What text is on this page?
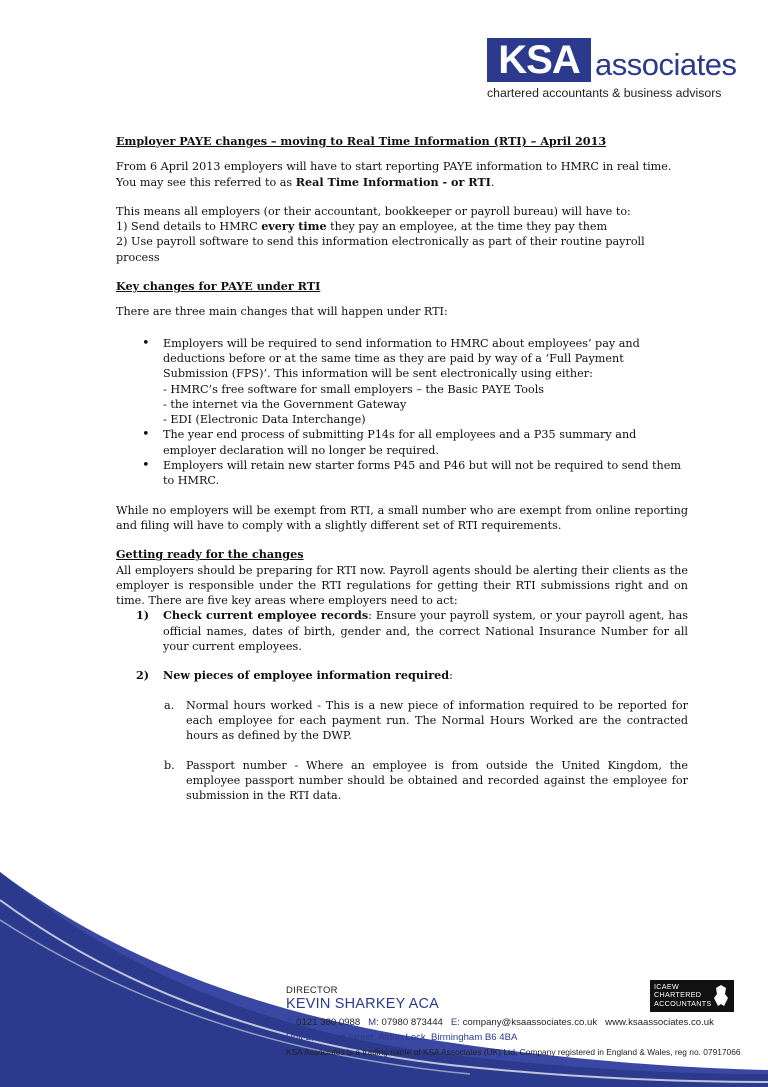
KSA associates
chartered accountants & business advisors

Employer PAYE changes – moving to Real Time Information (RTI) – April 2013

From 6 April 2013 employers will have to start reporting PAYE information to HMRC in real time. You may see this referred to as Real Time Information - or RTI.

This means all employers (or their accountant, bookkeeper or payroll bureau) will have to:

1) Send details to HMRC every time they pay an employee, at the time they pay them

2) Use payroll software to send this information electronically as part of their routine payroll process

Key changes for PAYE under RTI

There are three main changes that will happen under RTI:

• Employers will be required to send information to HMRC about employees’ pay and deductions before or at the same time as they are paid by way of a ‘Full Payment Submission (FPS)’. This information will be sent electronically using either:
- HMRC’s free software for small employers – the Basic PAYE Tools
- the internet via the Government Gateway
- EDI (Electronic Data Interchange)
• The year end process of submitting P14s for all employees and a P35 summary and employer declaration will no longer be required.
• Employers will retain new starter forms P45 and P46 but will not be required to send them to HMRC.

While no employers will be exempt from RTI, a small number who are exempt from online reporting and filing will have to comply with a slightly different set of RTI requirements.

Getting ready for the changes

All employers should be preparing for RTI now. Payroll agents should be alerting their clients as the employer is responsible under the RTI regulations for getting their RTI submissions right and on time. There are five key areas where employers need to act:

1) Check current employee records: Ensure your payroll system, or your payroll agent, has official names, dates of birth, gender and, the correct National Insurance Number for all your current employees.
2) New pieces of employee information required:
a. Normal hours worked - This is a new piece of information required to be reported for each employee for each payment run. The Normal Hours Worked are the contracted hours as defined by the DWP.
b. Passport number - Where an employee is from outside the United Kingdom, the employee passport number should be obtained and recorded against the employee for submission in the RTI data.
ICAEW
CHARTERED
ACCOUNTANTS
DIRECTOR
KEVIN SHARKEY ACA
T: 0121 380 0988 M: 07980 873444 E: company@ksaassociates.co.uk www.ksaassociates.co.uk
Unit 2, Hubert Street, Aston Lock, Birmingham B6 4BA
KSA Associates is a trading name of KSA Associates (UK) Ltd, Company registered in England & Wales, reg no. 07917066
